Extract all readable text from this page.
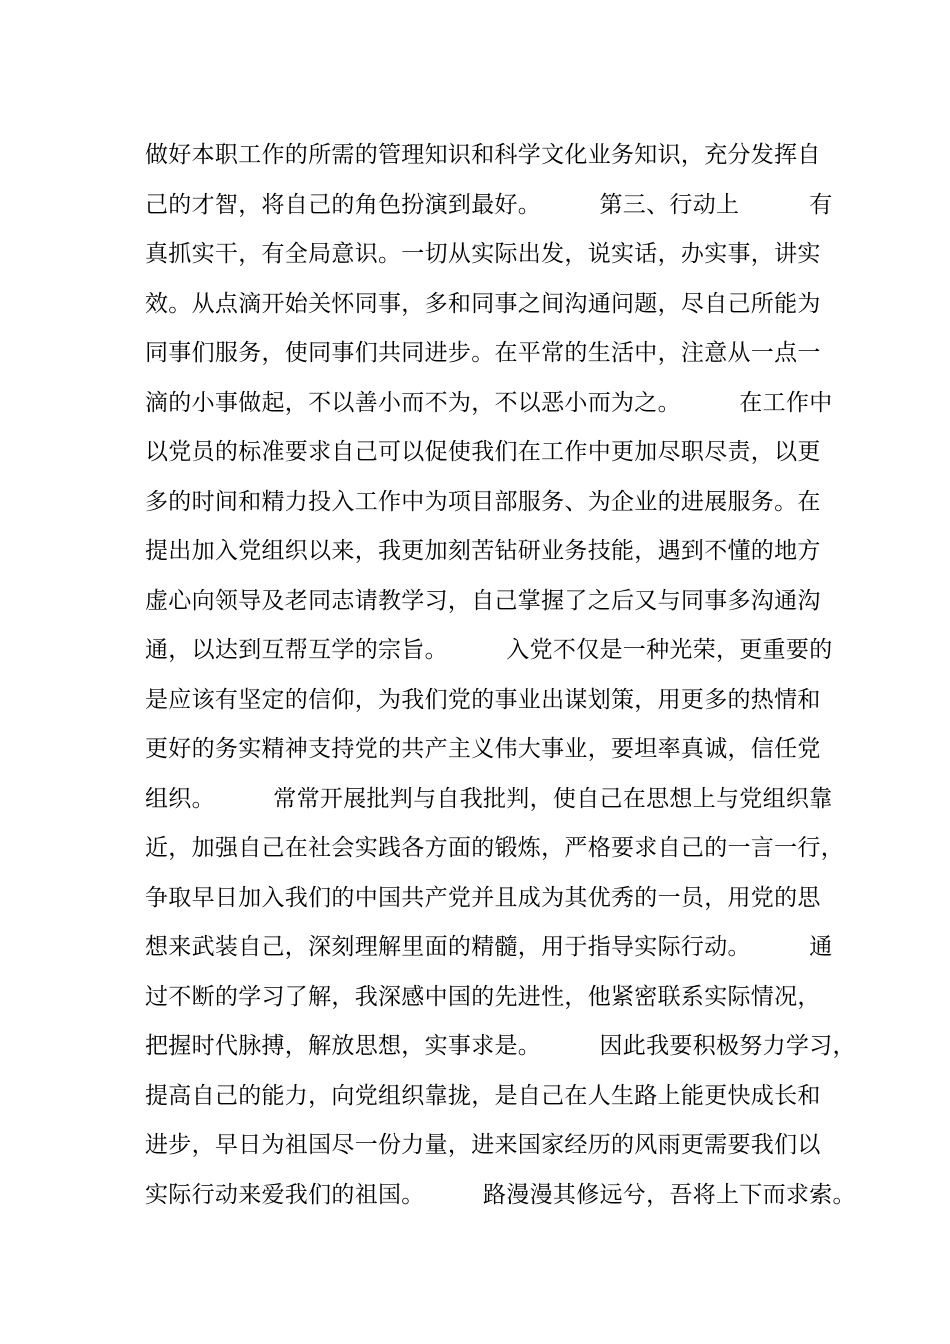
做好本职工作的所需的管理知识和科学文化业务知识，充分发挥自
己的才智，将自己的角色扮演到最好。　　　第三、行动上　　　有
真抓实干，有全局意识。一切从实际出发，说实话，办实事，讲实
效。从点滴开始关怀同事，多和同事之间沟通问题，尽自己所能为
同事们服务，使同事们共同进步。在平常的生活中，注意从一点一
滴的小事做起，不以善小而不为，不以恶小而为之。　　　在工作中
以党员的标准要求自己可以促使我们在工作中更加尽职尽责，以更
多的时间和精力投入工作中为项目部服务、为企业的进展服务。在
提出加入党组织以来，我更加刻苦钻研业务技能，遇到不懂的地方
虚心向领导及老同志请教学习，自己掌握了之后又与同事多沟通沟
通，以达到互帮互学的宗旨。　　　入党不仅是一种光荣，更重要的
是应该有坚定的信仰，为我们党的事业出谋划策，用更多的热情和
更好的务实精神支持党的共产主义伟大事业，要坦率真诚，信任党
组织。　　　常常开展批判与自我批判，使自己在思想上与党组织靠
近，加强自己在社会实践各方面的锻炼，严格要求自己的一言一行，
争取早日加入我们的中国共产党并且成为其优秀的一员，用党的思
想来武装自己，深刻理解里面的精髓，用于指导实际行动。　　　通
过不断的学习了解，我深感中国的先进性，他紧密联系实际情况，
把握时代脉搏，解放思想，实事求是。　　　因此我要积极努力学习，
提高自己的能力，向党组织靠拢，是自己在人生路上能更快成长和
进步，早日为祖国尽一份力量，进来国家经历的风雨更需要我们以
实际行动来爱我们的祖国。　　　路漫漫其修远兮，吾将上下而求索。
